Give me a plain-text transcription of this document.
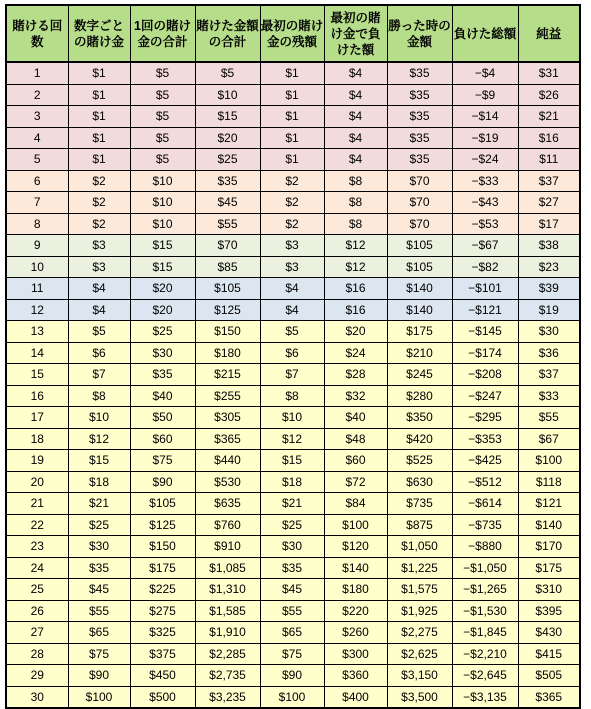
賭ける回数	数字ごとの賭け金	1回の賭け金の合計	賭けた金額の合計	最初の賭け金の残額	最初の賭け金で負けた額	勝った時の金額	負けた総額	純益
1	$1	$5	$5	$1	$4	$35	−$4	$31
2	$1	$5	$10	$1	$4	$35	−$9	$26
3	$1	$5	$15	$1	$4	$35	−$14	$21
4	$1	$5	$20	$1	$4	$35	−$19	$16
5	$1	$5	$25	$1	$4	$35	−$24	$11
6	$2	$10	$35	$2	$8	$70	−$33	$37
7	$2	$10	$45	$2	$8	$70	−$43	$27
8	$2	$10	$55	$2	$8	$70	−$53	$17
9	$3	$15	$70	$3	$12	$105	−$67	$38
10	$3	$15	$85	$3	$12	$105	−$82	$23
11	$4	$20	$105	$4	$16	$140	−$101	$39
12	$4	$20	$125	$4	$16	$140	−$121	$19
13	$5	$25	$150	$5	$20	$175	−$145	$30
14	$6	$30	$180	$6	$24	$210	−$174	$36
15	$7	$35	$215	$7	$28	$245	−$208	$37
16	$8	$40	$255	$8	$32	$280	−$247	$33
17	$10	$50	$305	$10	$40	$350	−$295	$55
18	$12	$60	$365	$12	$48	$420	−$353	$67
19	$15	$75	$440	$15	$60	$525	−$425	$100
20	$18	$90	$530	$18	$72	$630	−$512	$118
21	$21	$105	$635	$21	$84	$735	−$614	$121
22	$25	$125	$760	$25	$100	$875	−$735	$140
23	$30	$150	$910	$30	$120	$1,050	−$880	$170
24	$35	$175	$1,085	$35	$140	$1,225	−$1,050	$175
25	$45	$225	$1,310	$45	$180	$1,575	−$1,265	$310
26	$55	$275	$1,585	$55	$220	$1,925	−$1,530	$395
27	$65	$325	$1,910	$65	$260	$2,275	−$1,845	$430
28	$75	$375	$2,285	$75	$300	$2,625	−$2,210	$415
29	$90	$450	$2,735	$90	$360	$3,150	−$2,645	$505
30	$100	$500	$3,235	$100	$400	$3,500	−$3,135	$365
